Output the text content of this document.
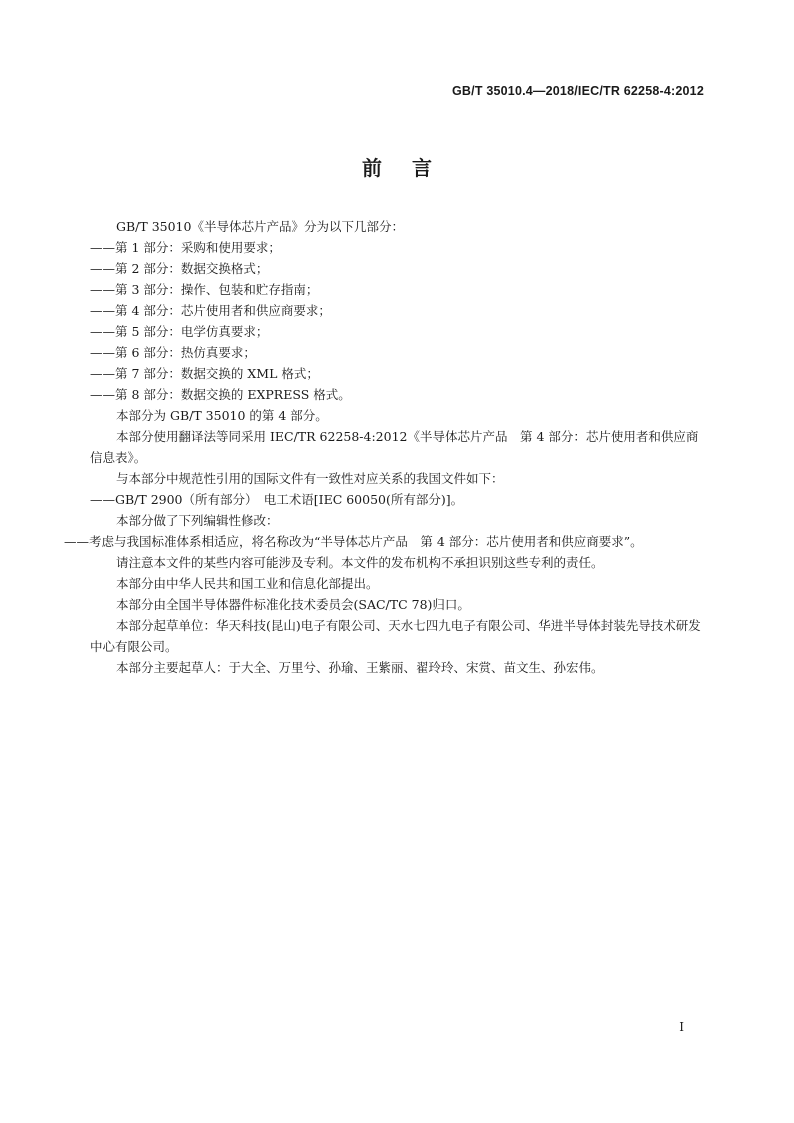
GB/T 35010.4—2018/IEC/TR 62258-4:2012
前言

GB/T 35010《半导体芯片产品》分为以下几部分：

——第 1 部分：采购和使用要求；

——第 2 部分：数据交换格式；

——第 3 部分：操作、包装和贮存指南；

——第 4 部分：芯片使用者和供应商要求；

——第 5 部分：电学仿真要求；

——第 6 部分：热仿真要求；

——第 7 部分：数据交换的 XML 格式；

——第 8 部分：数据交换的 EXPRESS 格式。

本部分为 GB/T 35010 的第 4 部分。

本部分使用翻译法等同采用 IEC/TR 62258-4:2012《半导体芯片产品　第 4 部分：芯片使用者和供应商信息表》。

与本部分中规范性引用的国际文件有一致性对应关系的我国文件如下：

——GB/T 2900（所有部分）　电工术语[IEC 60050(所有部分)]。

本部分做了下列编辑性修改：

——考虑与我国标准体系相适应，将名称改为“半导体芯片产品　第 4 部分：芯片使用者和供应商要求”。

请注意本文件的某些内容可能涉及专利。本文件的发布机构不承担识别这些专利的责任。

本部分由中华人民共和国工业和信息化部提出。

本部分由全国半导体器件标准化技术委员会(SAC/TC 78)归口。

本部分起草单位：华天科技(昆山)电子有限公司、天水七四九电子有限公司、华进半导体封装先导技术研发中心有限公司。

本部分主要起草人：于大全、万里兮、孙瑜、王紫丽、翟玲玲、宋赏、苗文生、孙宏伟。

I
